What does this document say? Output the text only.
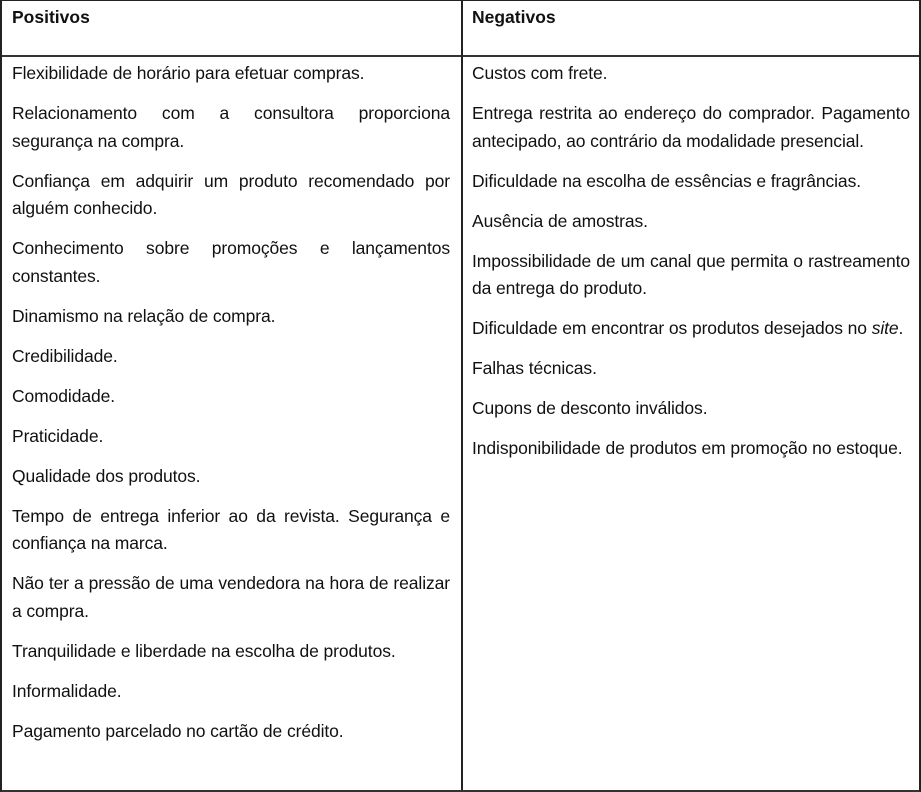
Positivos	Negativos

Flexibilidade de horário para efetuar compras.

Relacionamento com a consultora proporciona segurança na compra.

Confiança em adquirir um produto recomendado por alguém conhecido.

Conhecimento sobre promoções e lançamentos constantes.

Dinamismo na relação de compra.

Credibilidade.

Comodidade.

Praticidade.

Qualidade dos produtos.

Tempo de entrega inferior ao da revista. Segurança e confiança na marca.

Não ter a pressão de uma vendedora na hora de realizar a compra.

Tranquilidade e liberdade na escolha de produtos.

Informalidade.

Pagamento parcelado no cartão de crédito.

Custos com frete.

Entrega restrita ao endereço do comprador. Pagamento antecipado, ao contrário da modalidade presencial.

Dificuldade na escolha de essências e fragrâncias.

Ausência de amostras.

Impossibilidade de um canal que permita o rastreamento da entrega do produto.

Dificuldade em encontrar os produtos desejados no site.

Falhas técnicas.

Cupons de desconto inválidos.

Indisponibilidade de produtos em promoção no estoque.
